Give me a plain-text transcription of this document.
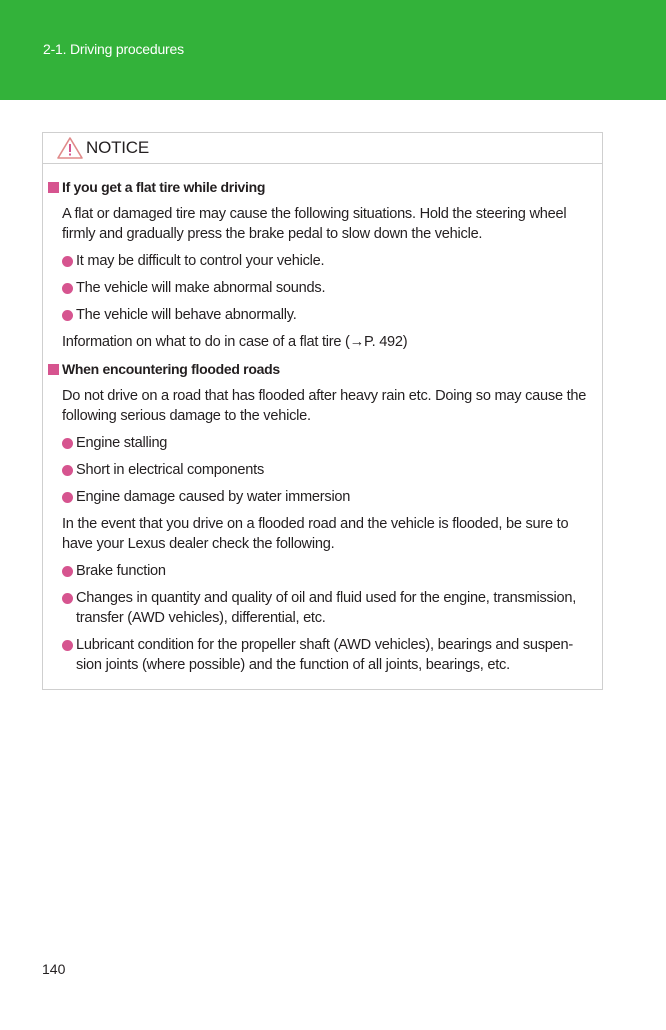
2-1. Driving procedures
NOTICE
If you get a flat tire while driving
A flat or damaged tire may cause the following situations. Hold the steering wheel firmly and gradually press the brake pedal to slow down the vehicle.
It may be difficult to control your vehicle.
The vehicle will make abnormal sounds.
The vehicle will behave abnormally.
Information on what to do in case of a flat tire (→P. 492)
When encountering flooded roads
Do not drive on a road that has flooded after heavy rain etc. Doing so may cause the following serious damage to the vehicle.
Engine stalling
Short in electrical components
Engine damage caused by water immersion
In the event that you drive on a flooded road and the vehicle is flooded, be sure to have your Lexus dealer check the following.
Brake function
Changes in quantity and quality of oil and fluid used for the engine, transmission, transfer (AWD vehicles), differential, etc.
Lubricant condition for the propeller shaft (AWD vehicles), bearings and suspen-sion joints (where possible) and the function of all joints, bearings, etc.
140
